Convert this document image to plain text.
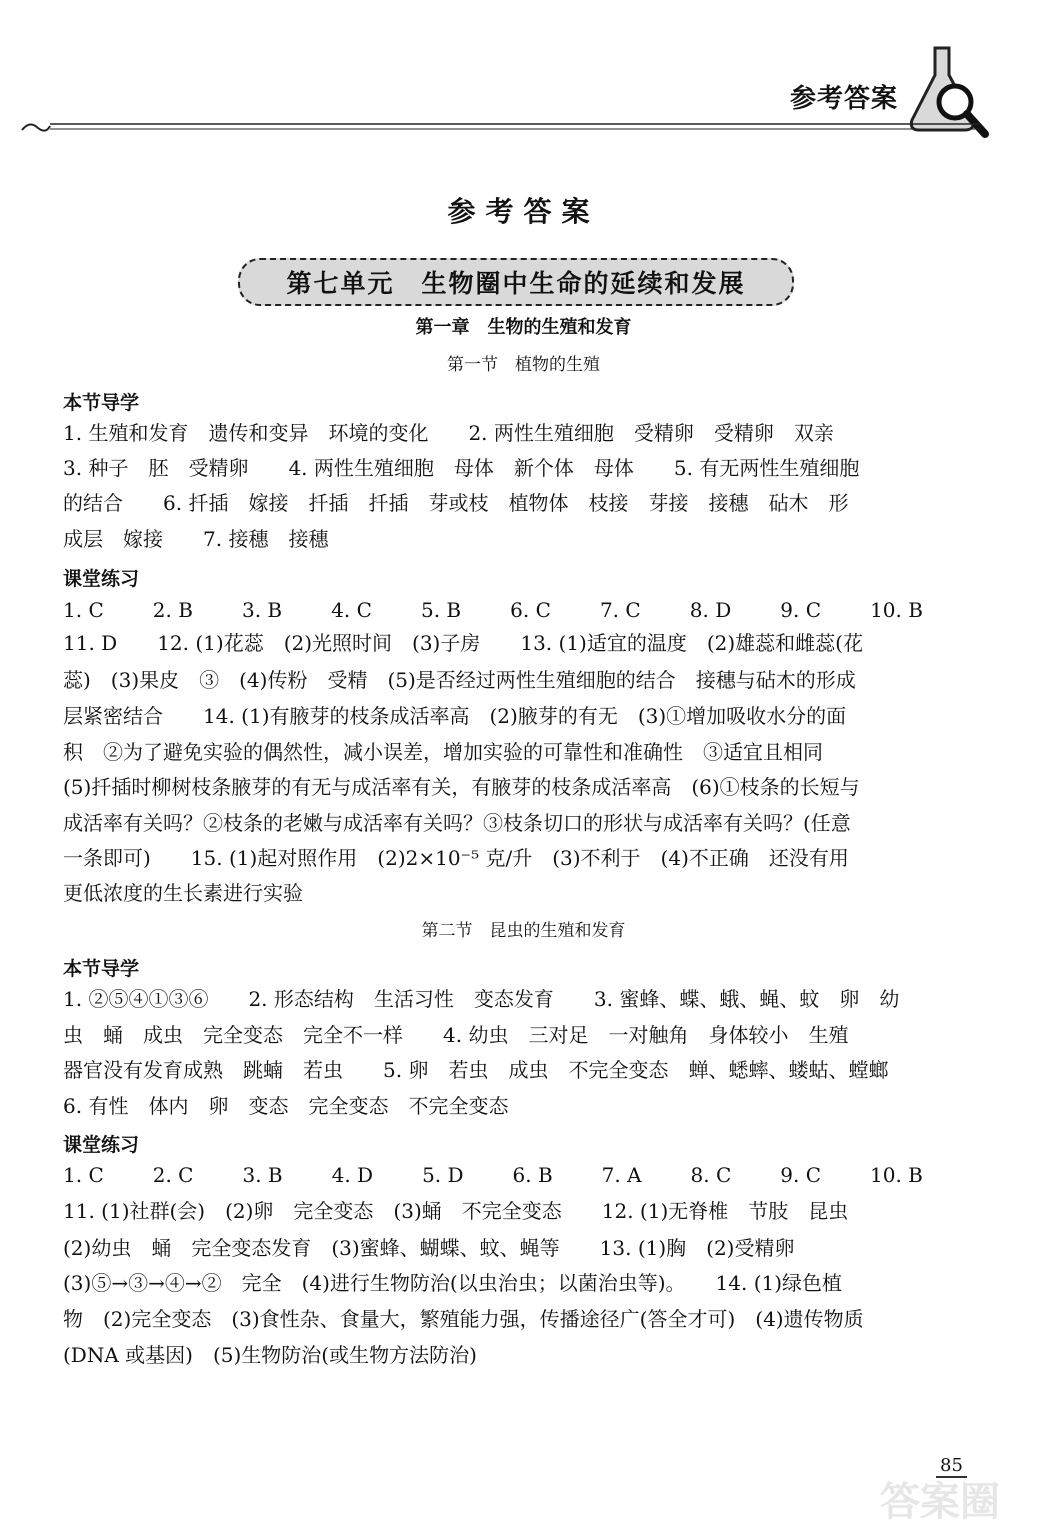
参考答案
参考答案
第七单元　生物圈中生命的延续和发展
第一章　生物的生殖和发育
第一节　植物的生殖
本节导学
1. 生殖和发育　遗传和变异　环境的变化　　2. 两性生殖细胞　受精卵　受精卵　双亲
3. 种子　胚　受精卵　　4. 两性生殖细胞　母体　新个体　母体　　5. 有无两性生殖细胞
的结合　　6. 扦插　嫁接　扦插　扦插　芽或枝　植物体　枝接　芽接　接穗　砧木　形
成层　嫁接　　7. 接穗　接穗
课堂练习
1. C 2. B 3. B 4. C 5. B 6. C 7. C 8. D 9. C 10. B
11. D　　12. (1)花蕊　(2)光照时间　(3)子房　　13. (1)适宜的温度　(2)雄蕊和雌蕊(花
蕊)　(3)果皮　③　(4)传粉　受精　(5)是否经过两性生殖细胞的结合　接穗与砧木的形成
层紧密结合　　14. (1)有腋芽的枝条成活率高　(2)腋芽的有无　(3)①增加吸收水分的面
积　②为了避免实验的偶然性，减小误差，增加实验的可靠性和准确性　③适宜且相同
(5)扦插时柳树枝条腋芽的有无与成活率有关，有腋芽的枝条成活率高　(6)①枝条的长短与
成活率有关吗？②枝条的老嫩与成活率有关吗？③枝条切口的形状与成活率有关吗？(任意
一条即可)　　15. (1)起对照作用　(2)2×10⁻⁵ 克/升　(3)不利于　(4)不正确　还没有用
更低浓度的生长素进行实验
第二节　昆虫的生殖和发育
本节导学
1. ②⑤④①③⑥　　2. 形态结构　生活习性　变态发育　　3. 蜜蜂、蝶、蛾、蝇、蚊　卵　幼
虫　蛹　成虫　完全变态　完全不一样　　4. 幼虫　三对足　一对触角　身体较小　生殖
器官没有发育成熟　跳蝻　若虫　　5. 卵　若虫　成虫　不完全变态　蝉、蟋蟀、蝼蛄、螳螂
6. 有性　体内　卵　变态　完全变态　不完全变态
课堂练习
1. C 2. C 3. B 4. D 5. D 6. B 7. A 8. C 9. C 10. B
11. (1)社群(会)　(2)卵　完全变态　(3)蛹　不完全变态　　12. (1)无脊椎　节肢　昆虫
(2)幼虫　蛹　完全变态发育　(3)蜜蜂、蝴蝶、蚊、蝇等　　13. (1)胸　(2)受精卵
(3)⑤→③→④→②　完全　(4)进行生物防治(以虫治虫；以菌治虫等)。　　14. (1)绿色植
物　(2)完全变态　(3)食性杂、食量大，繁殖能力强，传播途径广(答全才可)　(4)遗传物质
(DNA 或基因)　(5)生物防治(或生物方法防治)
85
答案圈
